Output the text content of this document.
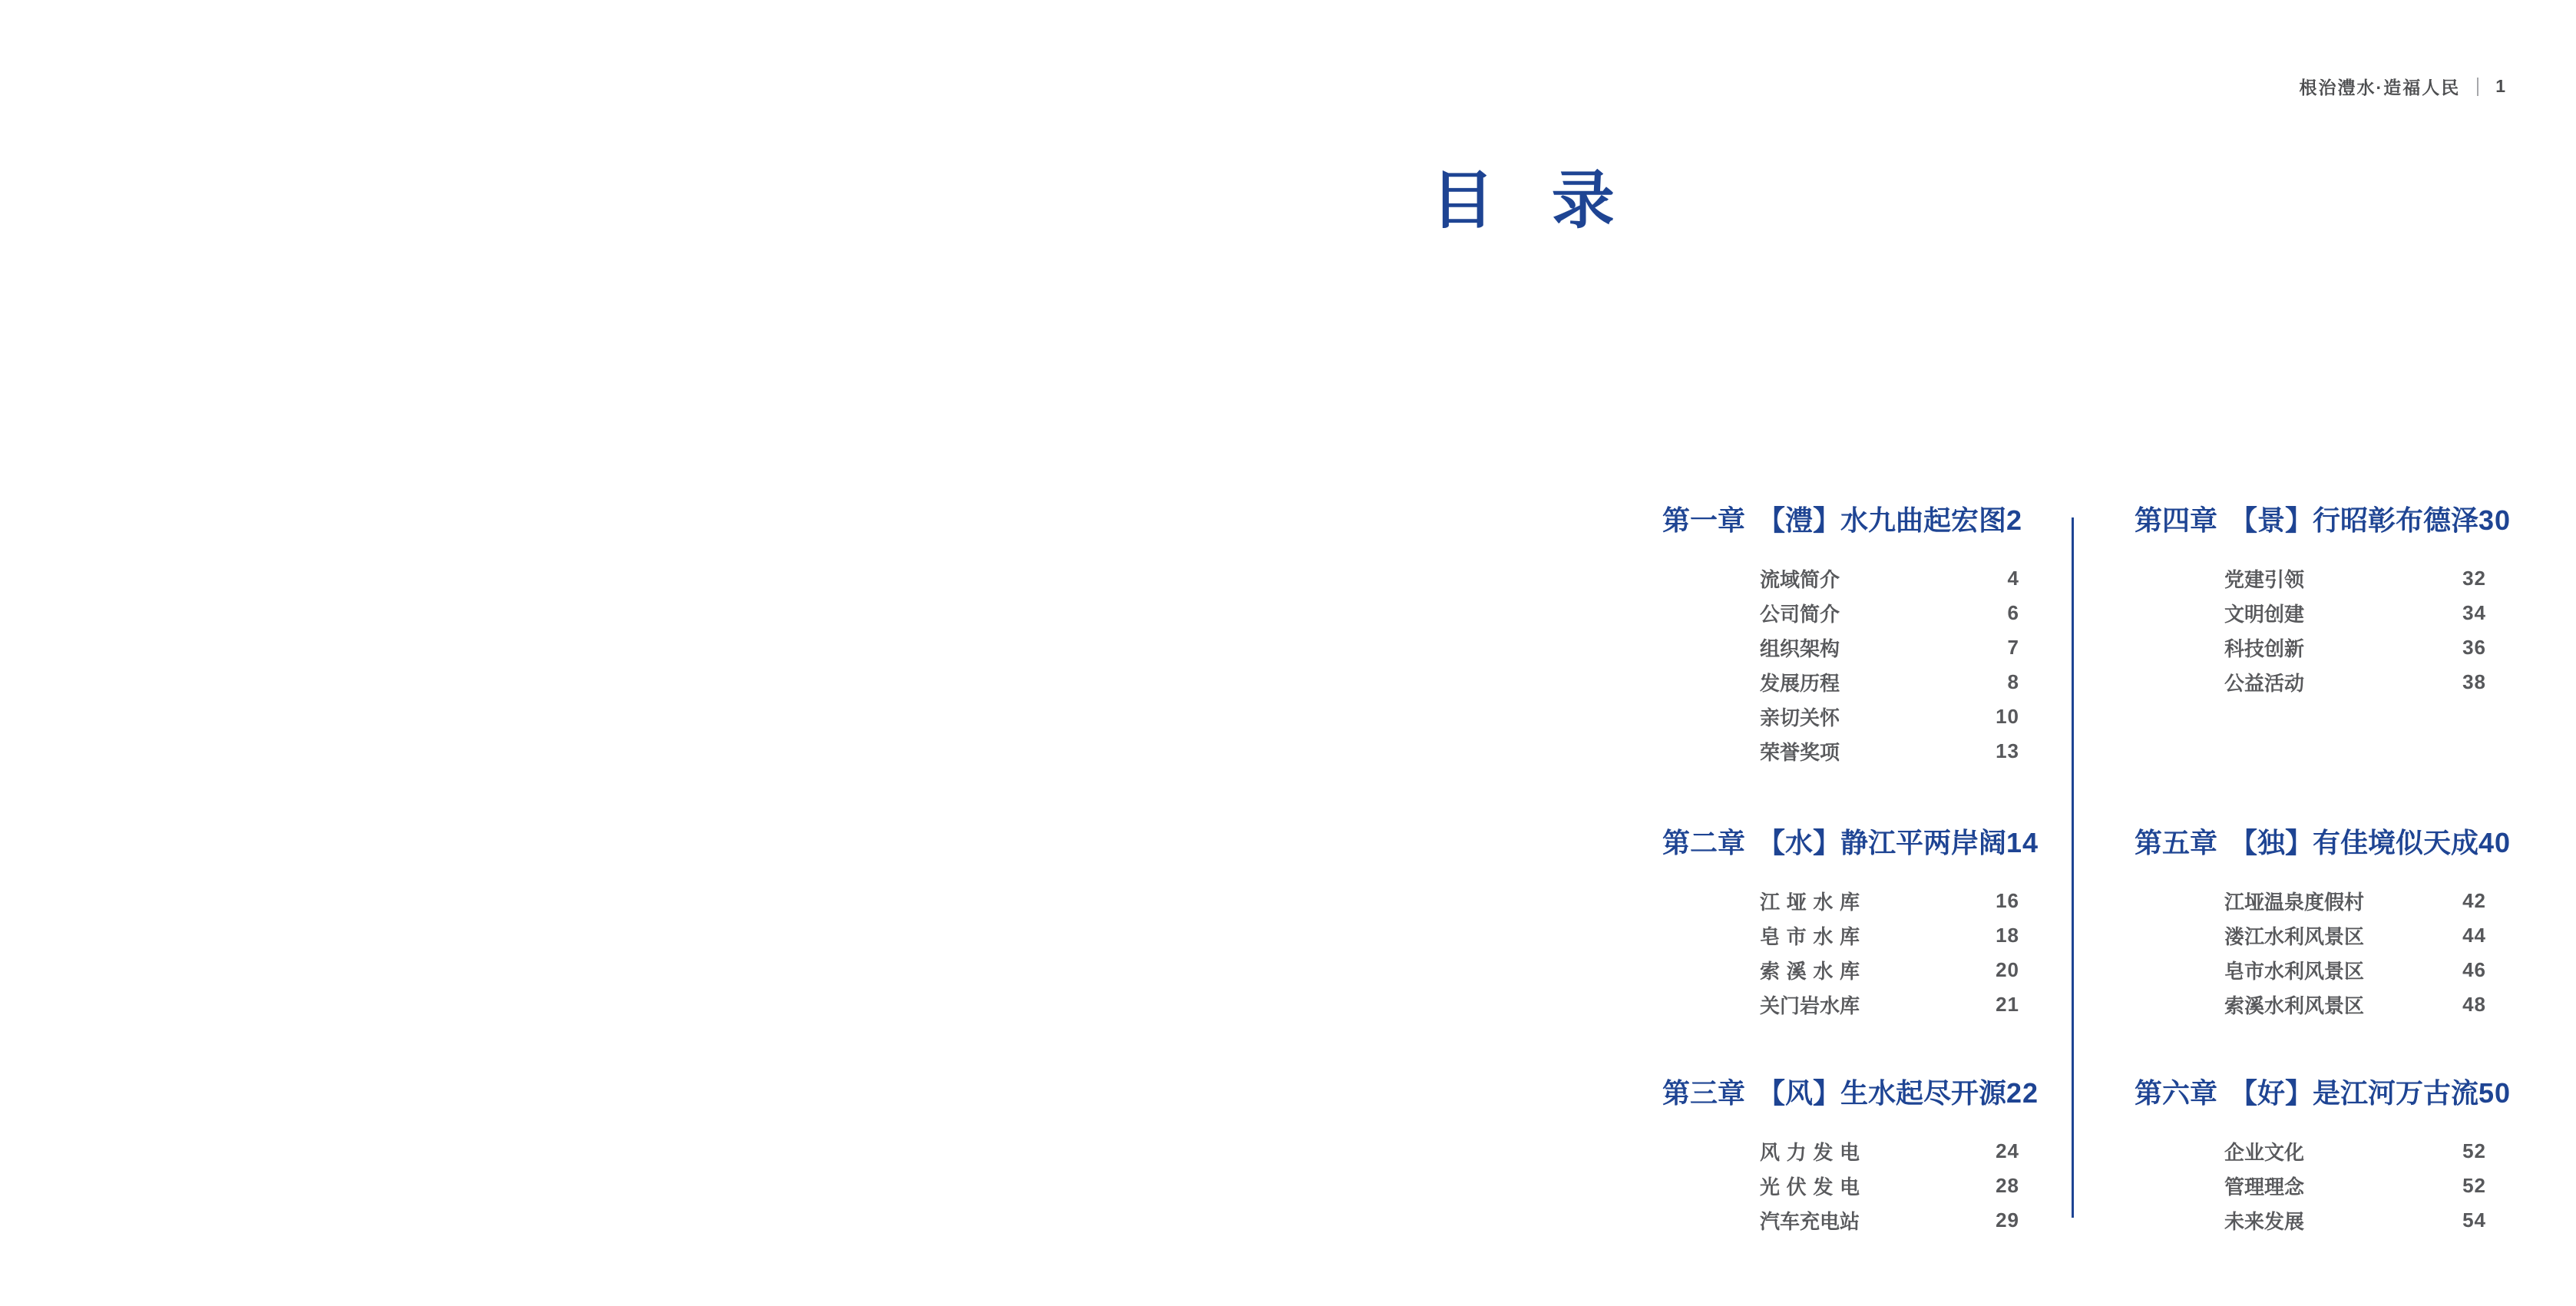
根治澧水·造福人民 1
目 录
第一章 【澧】水九曲起宏图 2
流域简介	4
公司简介	6
组织架构	7
发展历程	8
亲切关怀	10
荣誉奖项	13
第二章 【水】静江平两岸阔 14
江垭水库	16
皂市水库	18
索溪水库	20
关门岩水库	21
第三章 【风】生水起尽开源 22
风力发电	24
光伏发电	28
汽车充电站	29
第四章 【景】行昭彰布德泽 30
党建引领	32
文明创建	34
科技创新	36
公益活动	38
第五章 【独】有佳境似天成 40
江垭温泉度假村	42
溇江水利风景区	44
皂市水利风景区	46
索溪水利风景区	48
第六章 【好】是江河万古流 50
企业文化	52
管理理念	52
未来发展	54
